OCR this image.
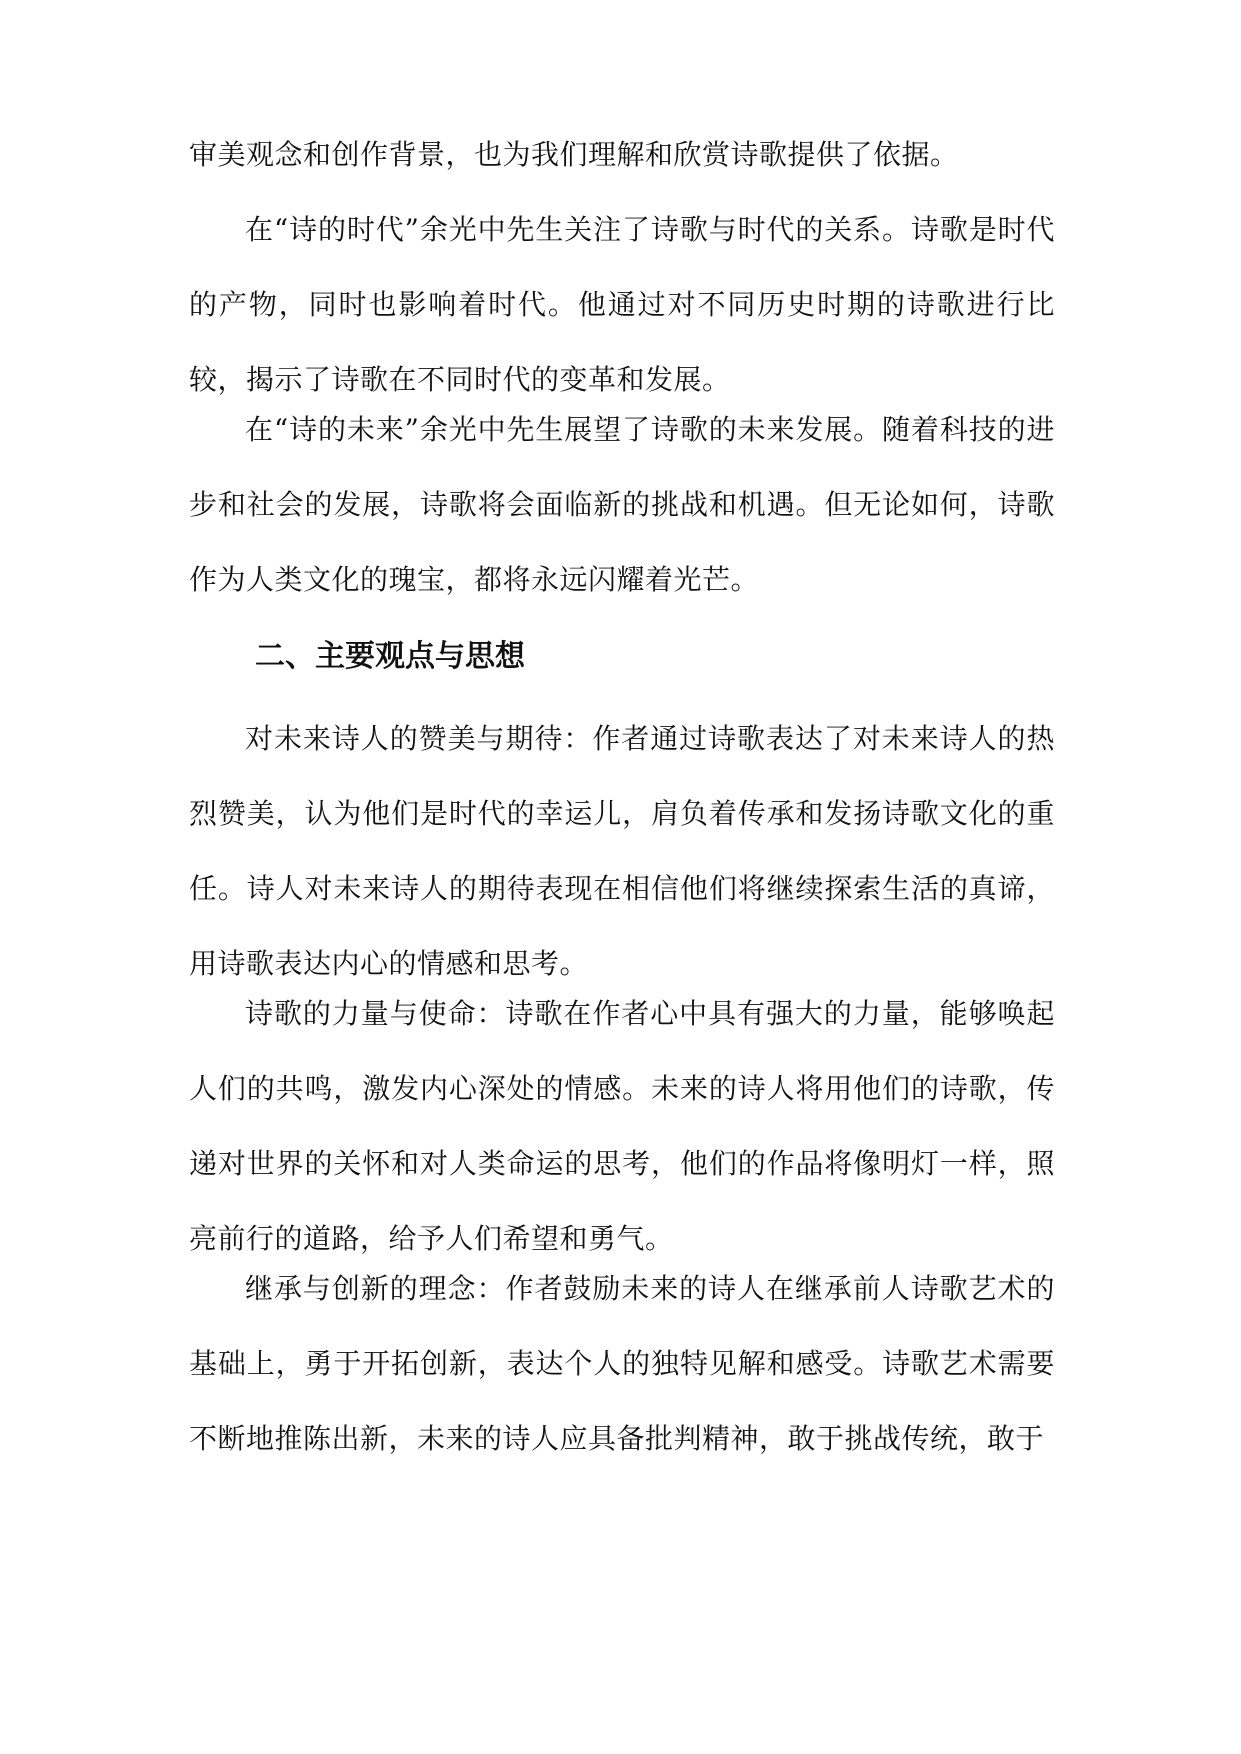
审美观念和创作背景，也为我们理解和欣赏诗歌提供了依据。
在“诗的时代”余光中先生关注了诗歌与时代的关系。诗歌是时代的产物，同时也影响着时代。他通过对不同历史时期的诗歌进行比较，揭示了诗歌在不同时代的变革和发展。
在“诗的未来”余光中先生展望了诗歌的未来发展。随着科技的进步和社会的发展，诗歌将会面临新的挑战和机遇。但无论如何，诗歌作为人类文化的瑰宝，都将永远闪耀着光芒。
二、主要观点与思想
对未来诗人的赞美与期待：作者通过诗歌表达了对未来诗人的热烈赞美，认为他们是时代的幸运儿，肩负着传承和发扬诗歌文化的重任。诗人对未来诗人的期待表现在相信他们将继续探索生活的真谛，用诗歌表达内心的情感和思考。
诗歌的力量与使命：诗歌在作者心中具有强大的力量，能够唤起人们的共鸣，激发内心深处的情感。未来的诗人将用他们的诗歌，传递对世界的关怀和对人类命运的思考，他们的作品将像明灯一样，照亮前行的道路，给予人们希望和勇气。
继承与创新的理念：作者鼓励未来的诗人在继承前人诗歌艺术的基础上，勇于开拓创新，表达个人的独特见解和感受。诗歌艺术需要不断地推陈出新，未来的诗人应具备批判精神，敢于挑战传统，敢于
